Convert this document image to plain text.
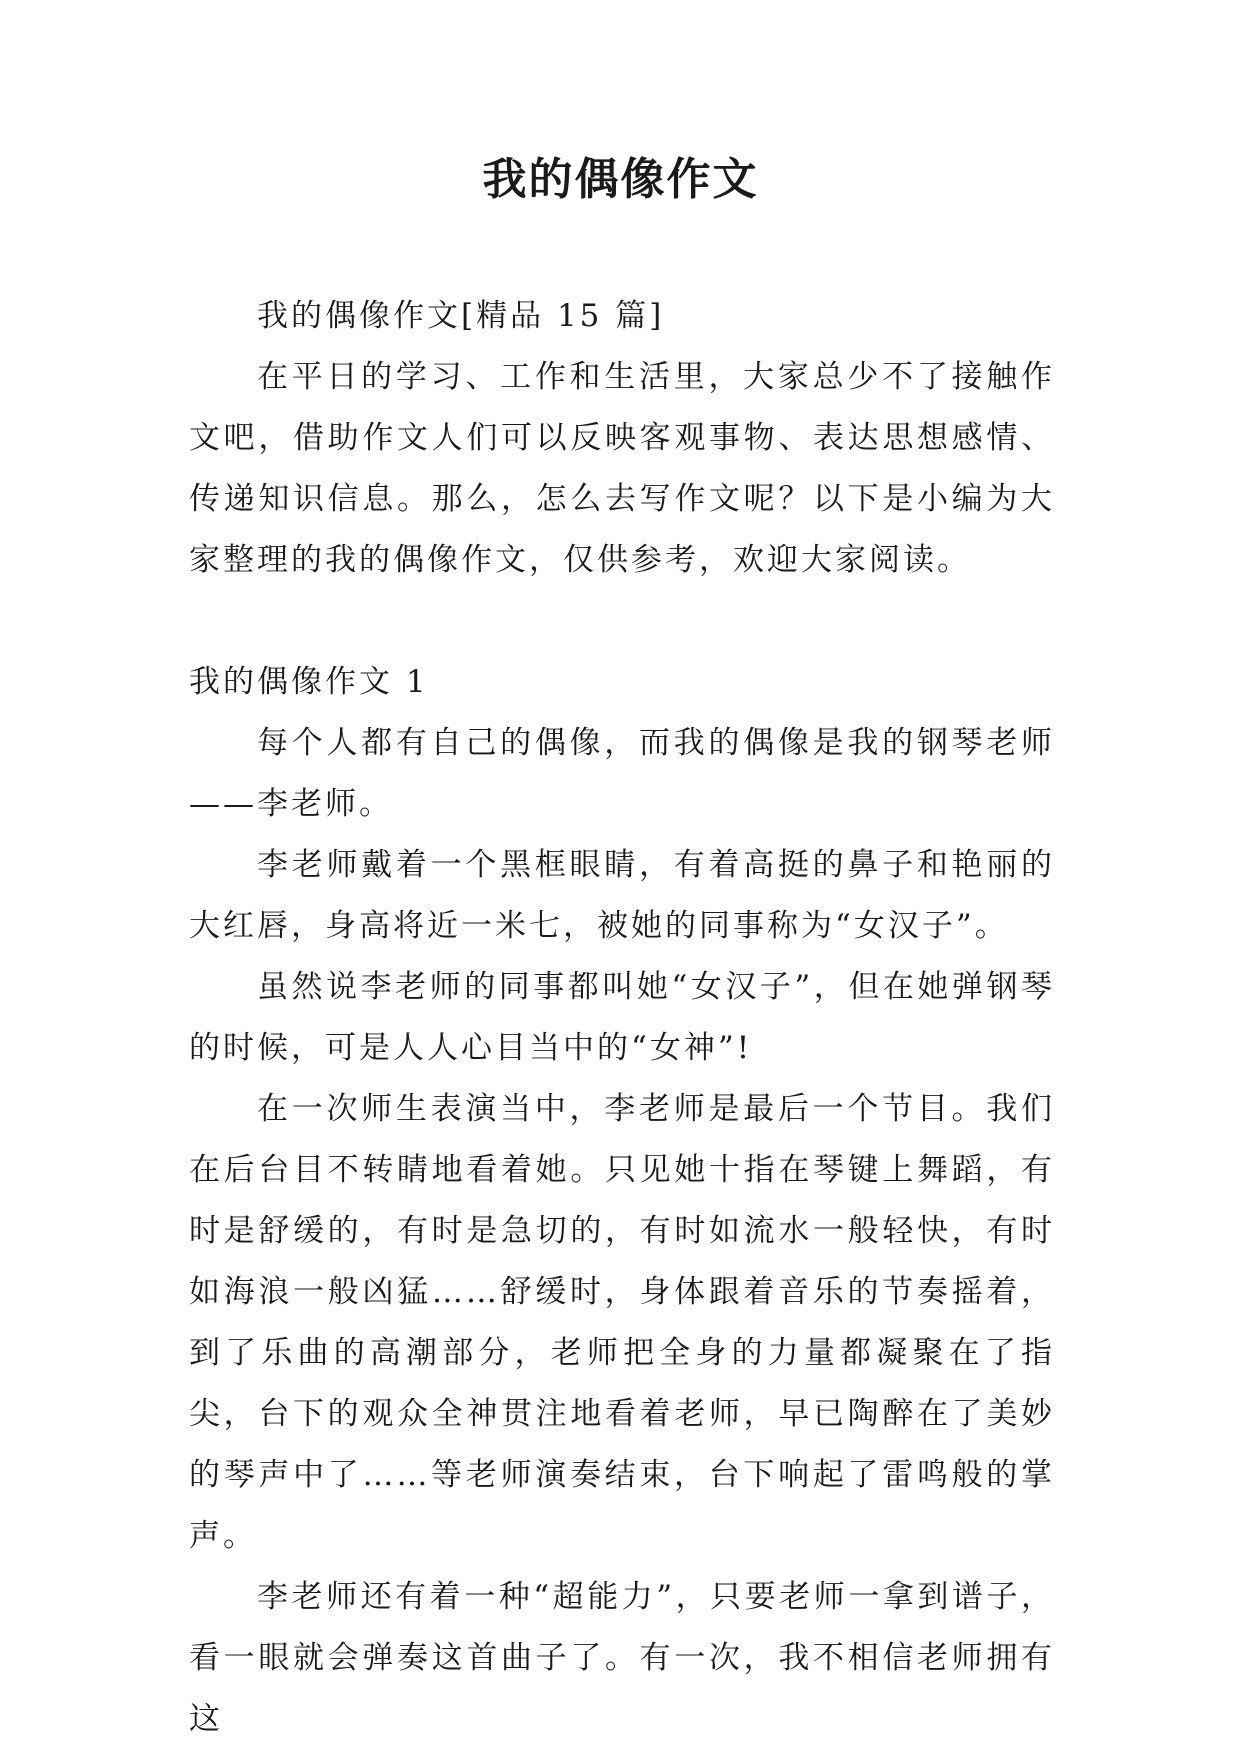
我的偶像作文

我的偶像作文[精品 15 篇]

在平日的学习、工作和生活里，大家总少不了接触作文吧，借助作文人们可以反映客观事物、表达思想感情、传递知识信息。那么，怎么去写作文呢？以下是小编为大家整理的我的偶像作文，仅供参考，欢迎大家阅读。

我的偶像作文 1

每个人都有自己的偶像，而我的偶像是我的钢琴老师——李老师。

李老师戴着一个黑框眼睛，有着高挺的鼻子和艳丽的大红唇，身高将近一米七，被她的同事称为“女汉子”。

虽然说李老师的同事都叫她“女汉子”，但在她弹钢琴的时候，可是人人心目当中的“女神”!

在一次师生表演当中，李老师是最后一个节目。我们在后台目不转睛地看着她。只见她十指在琴键上舞蹈，有时是舒缓的，有时是急切的，有时如流水一般轻快，有时如海浪一般凶猛……舒缓时，身体跟着音乐的节奏摇着，到了乐曲的高潮部分，老师把全身的力量都凝聚在了指尖，台下的观众全神贯注地看着老师，早已陶醉在了美妙的琴声中了……等老师演奏结束，台下响起了雷鸣般的掌声。

李老师还有着一种“超能力”，只要老师一拿到谱子，看一眼就会弹奏这首曲子了。有一次，我不相信老师拥有这
